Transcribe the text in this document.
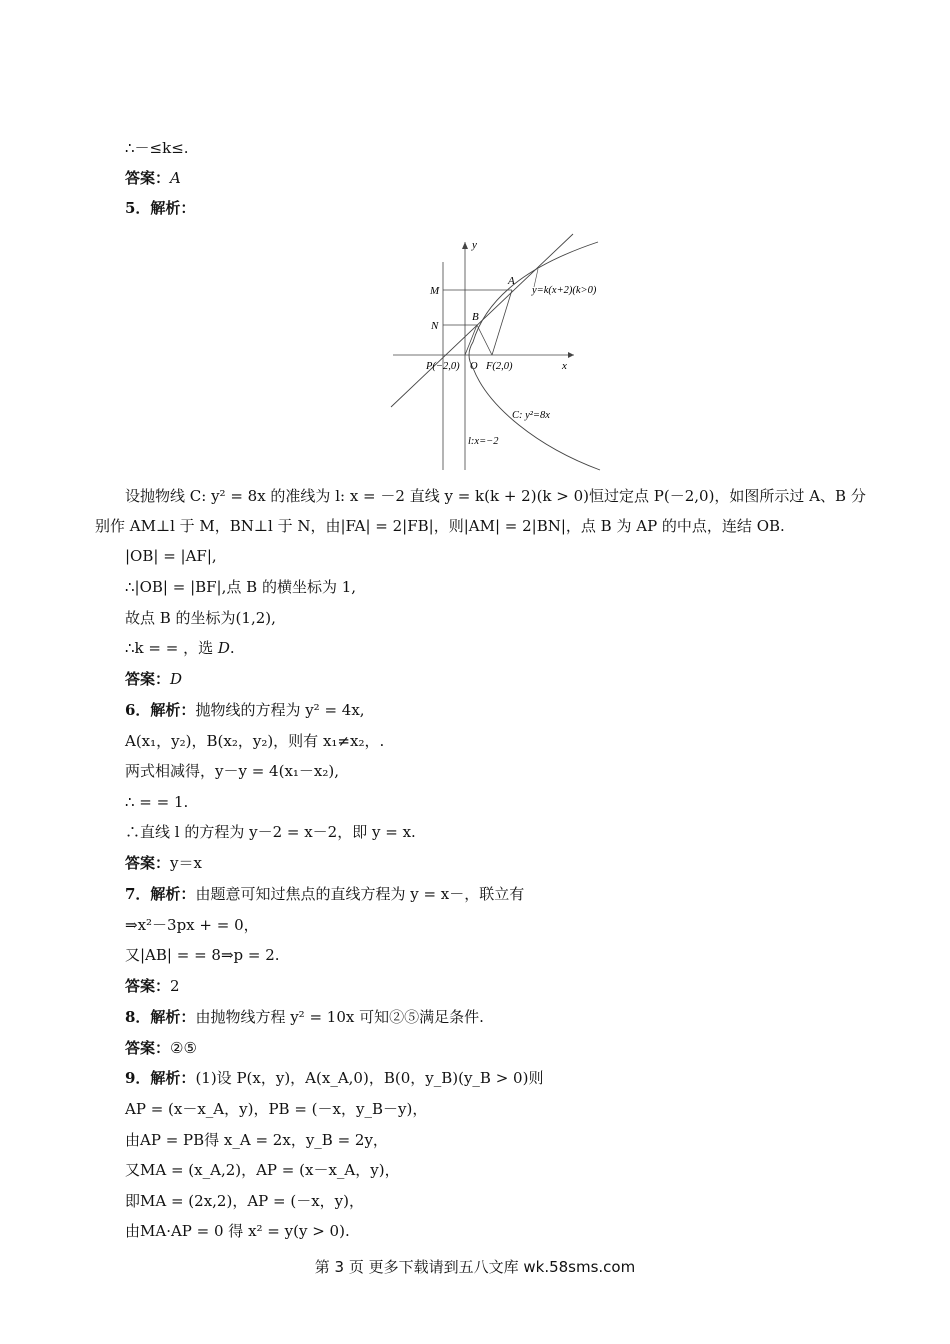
∴－≤k≤.
答案：A
5．解析：
y
x
M
N
A
B
P(−2,0) O F(2,0)
y=k(x+2)(k>0)
C: y²=8x
l:x=−2
设抛物线 C: y² = 8x 的准线为 l: x = －2 直线 y = k(k + 2)(k > 0)恒过定点 P(－2,0)，如图所示过 A、B 分别作 AM⊥l 于 M，BN⊥l 于 N，由|FA| = 2|FB|，则|AM| = 2|BN|，点 B 为 AP 的中点，连结 OB.
|OB| = |AF|,
∴|OB| = |BF|,点 B 的横坐标为 1,
故点 B 的坐标为(1,2),
∴k = = ，选 D.
答案：D
6．解析：抛物线的方程为 y² = 4x,
A(x₁，y₂)，B(x₂，y₂)，则有 x₁≠x₂，.
两式相减得，y－y = 4(x₁－x₂),
∴ = = 1.
∴直线 l 的方程为 y－2 = x－2，即 y = x.
答案：y＝x
7．解析：由题意可知过焦点的直线方程为 y = x－，联立有
⇒x²－3px + = 0，
又|AB| = = 8⇒p = 2.
答案：2
8．解析：由抛物线方程 y² = 10x 可知②⑤满足条件.
答案：②⑤
9．解析：(1)设 P(x，y)，A(x_A,0)，B(0，y_B)(y_B > 0)则
AP = (x－x_A，y)，PB = (－x，y_B－y)，
由AP = PB得 x_A = 2x，y_B = 2y，
又MA = (x_A,2)，AP = (x－x_A，y)，
即MA = (2x,2)，AP = (－x，y)，
由MA·AP = 0 得 x² = y(y > 0).
第 3 页 更多下载请到五八文库 wk.58sms.com
